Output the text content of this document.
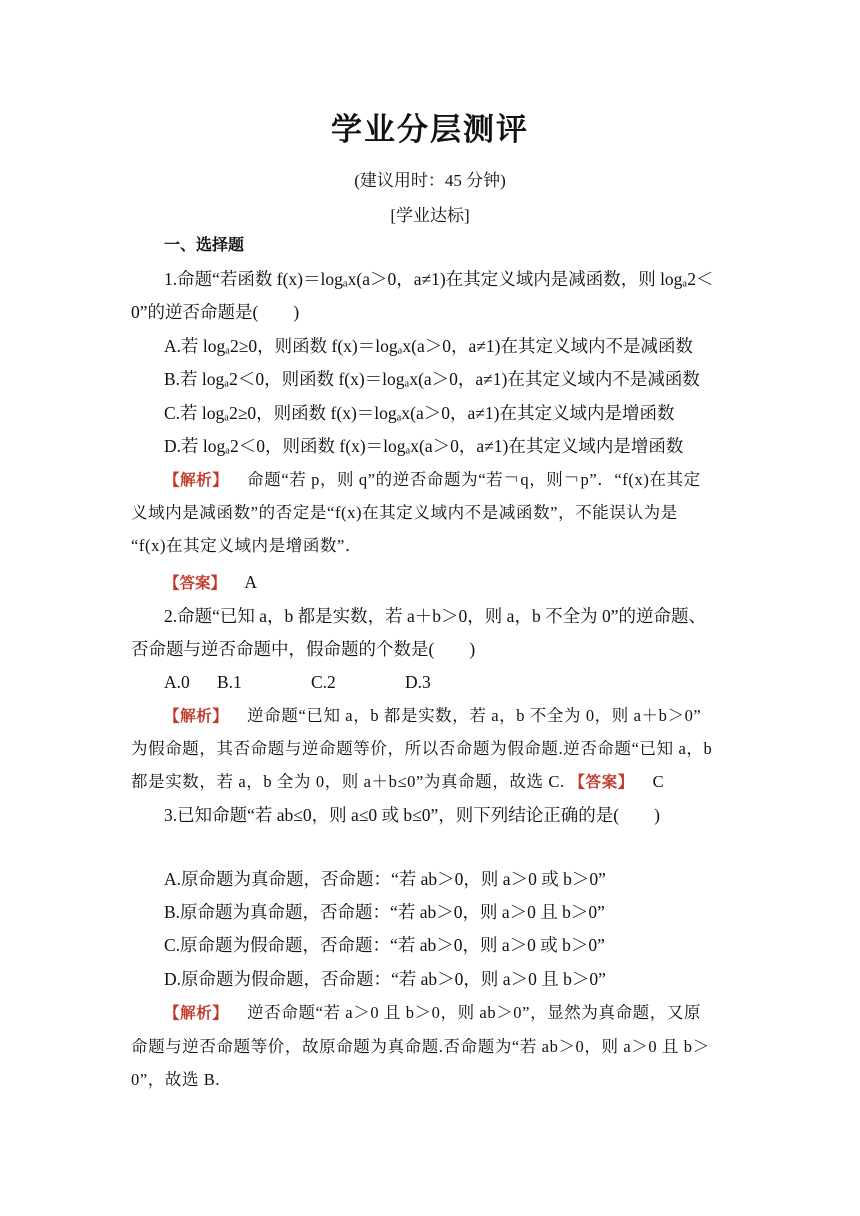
学业分层测评
(建议用时：45 分钟)
[学业达标]
一、选择题
1.命题“若函数 f(x)＝logₐx(a＞0，a≠1)在其定义域内是减函数，则 logₐ2＜
0”的逆否命题是(　　)
A.若 logₐ2≥0，则函数 f(x)＝logₐx(a＞0，a≠1)在其定义域内不是减函数
B.若 logₐ2＜0，则函数 f(x)＝logₐx(a＞0，a≠1)在其定义域内不是减函数
C.若 logₐ2≥0，则函数 f(x)＝logₐx(a＞0，a≠1)在其定义域内是增函数
D.若 logₐ2＜0，则函数 f(x)＝logₐx(a＞0，a≠1)在其定义域内是增函数
【解析】 命题“若 p，则 q”的逆否命题为“若￢q，则￢p”．“f(x)在其定
义域内是减函数”的否定是“f(x)在其定义域内不是减函数”，不能误认为是
“f(x)在其定义域内是增函数”．
【答案】 A
2.命题“已知 a，b 都是实数，若 a＋b＞0，则 a，b 不全为 0”的逆命题、
否命题与逆否命题中，假命题的个数是(　　)
A.0 B.1	C.2	D.3
【解析】 逆命题“已知 a，b 都是实数，若 a，b 不全为 0，则 a＋b＞0”
为假命题，其否命题与逆命题等价，所以否命题为假命题.逆否命题“已知 a，b
都是实数，若 a，b 全为 0，则 a＋b≤0”为真命题，故选 C. 【答案】 C
3.已知命题“若 ab≤0，则 a≤0 或 b≤0”，则下列结论正确的是(　　)
A.原命题为真命题，否命题：“若 ab＞0，则 a＞0 或 b＞0”
B.原命题为真命题，否命题：“若 ab＞0，则 a＞0 且 b＞0”
C.原命题为假命题，否命题：“若 ab＞0，则 a＞0 或 b＞0”
D.原命题为假命题，否命题：“若 ab＞0，则 a＞0 且 b＞0”
【解析】 逆否命题“若 a＞0 且 b＞0，则 ab＞0”，显然为真命题，又原
命题与逆否命题等价，故原命题为真命题.否命题为“若 ab＞0，则 a＞0 且 b＞
0”，故选 B.
